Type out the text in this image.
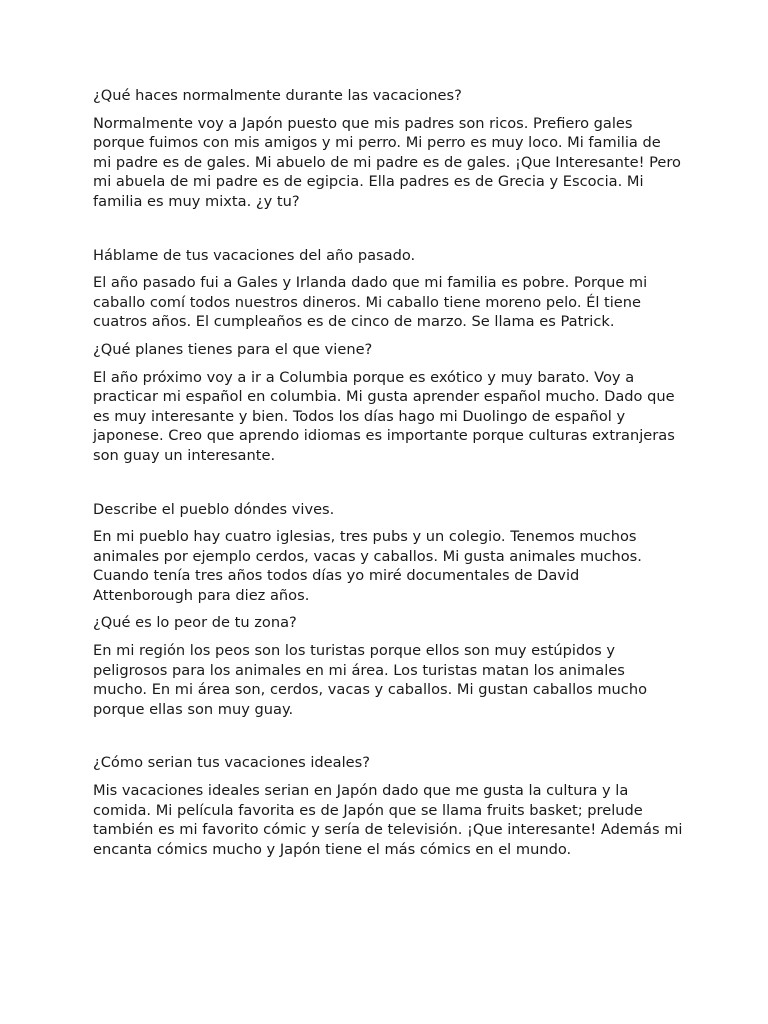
¿Qué haces normalmente durante las vacaciones?

Normalmente voy a Japón puesto que mis padres son ricos. Prefiero gales porque fuimos con mis amigos y mi perro. Mi perro es muy loco. Mi familia de mi padre es de gales. Mi abuelo de mi padre es de gales. ¡Que Interesante! Pero mi abuela de mi padre es de egipcia. Ella padres es de Grecia y Escocia. Mi familia es muy mixta. ¿y tu?

Háblame de tus vacaciones del año pasado.

El año pasado fui a Gales y Irlanda dado que mi familia es pobre. Porque mi caballo comí todos nuestros dineros. Mi caballo tiene moreno pelo. Él tiene cuatros años. El cumpleaños es de cinco de marzo. Se llama es Patrick.

¿Qué planes tienes para el que viene?

El año próximo voy a ir a Columbia porque es exótico y muy barato. Voy a practicar mi español en columbia. Mi gusta aprender español mucho. Dado que es muy interesante y bien. Todos los días hago mi Duolingo de español y japonese. Creo que aprendo idiomas es importante porque culturas extranjeras son guay un interesante.

Describe el pueblo dóndes vives.

En mi pueblo hay cuatro iglesias, tres pubs y un colegio. Tenemos muchos animales por ejemplo cerdos, vacas y caballos. Mi gusta animales muchos. Cuando tenía tres años todos días yo miré documentales de David Attenborough para diez años.

¿Qué es lo peor de tu zona?

En mi región los peos son los turistas porque ellos son muy estúpidos y peligrosos para los animales en mi área. Los turistas matan los animales mucho. En mi área son, cerdos, vacas y caballos. Mi gustan caballos mucho porque ellas son muy guay.

¿Cómo serian tus vacaciones ideales?

Mis vacaciones ideales serian en Japón dado que me gusta la cultura y la comida. Mi película favorita es de Japón que se llama fruits basket; prelude también es mi favorito cómic y sería de televisión. ¡Que interesante! Además mi encanta cómics mucho y Japón tiene el más cómics en el mundo.
